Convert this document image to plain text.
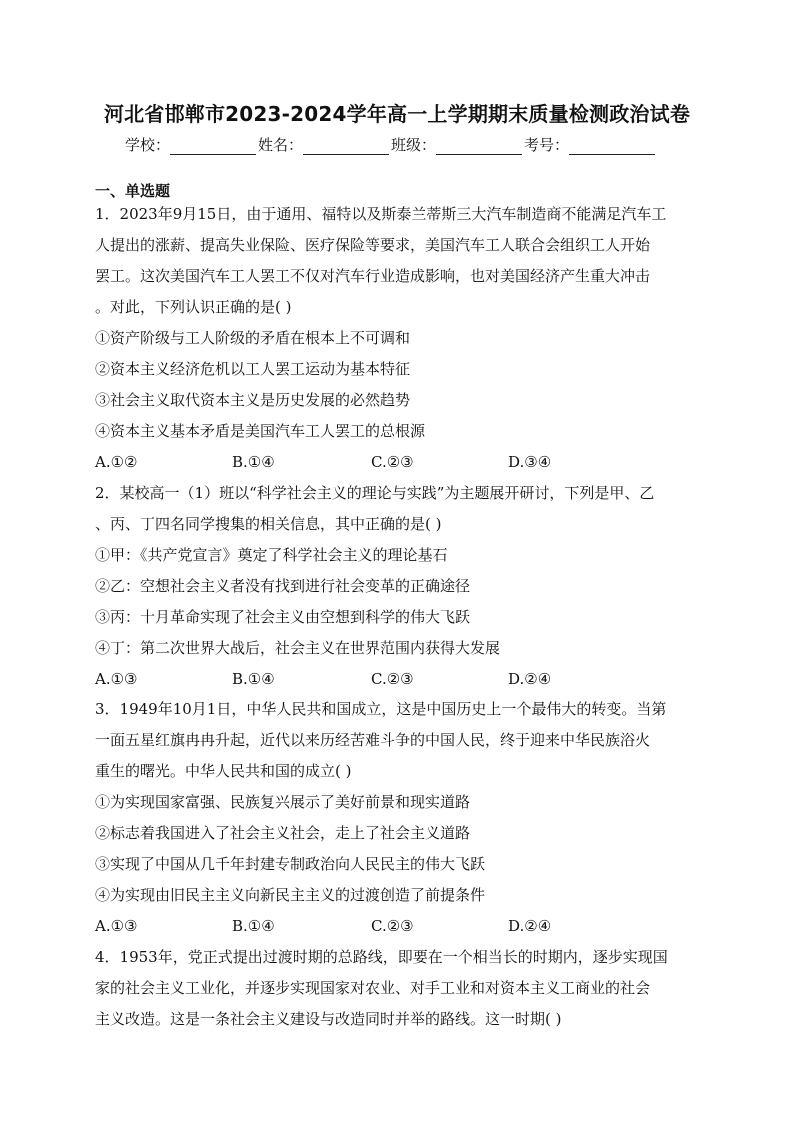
河北省邯郸市2023-2024学年高一上学期期末质量检测政治试卷
学校：	姓名：	班级：	考号：
一、单选题
1．2023年9月15日，由于通用、福特以及斯泰兰蒂斯三大汽车制造商不能满足汽车工
人提出的涨薪、提高失业保险、医疗保险等要求，美国汽车工人联合会组织工人开始
罢工。这次美国汽车工人罢工不仅对汽车行业造成影响，也对美国经济产生重大冲击
。对此，下列认识正确的是( )
①资产阶级与工人阶级的矛盾在根本上不可调和
②资本主义经济危机以工人罢工运动为基本特征
③社会主义取代资本主义是历史发展的必然趋势
④资本主义基本矛盾是美国汽车工人罢工的总根源
A.①②	B.①④	C.②③	D.③④
2．某校高一（1）班以“科学社会主义的理论与实践”为主题展开研讨，下列是甲、乙
、丙、丁四名同学搜集的相关信息，其中正确的是( )
①甲：《共产党宣言》奠定了科学社会主义的理论基石
②乙：空想社会主义者没有找到进行社会变革的正确途径
③丙：十月革命实现了社会主义由空想到科学的伟大飞跃
④丁：第二次世界大战后，社会主义在世界范围内获得大发展
A.①③	B.①④	C.②③	D.②④
3．1949年10月1日，中华人民共和国成立，这是中国历史上一个最伟大的转变。当第
一面五星红旗冉冉升起，近代以来历经苦难斗争的中国人民，终于迎来中华民族浴火
重生的曙光。中华人民共和国的成立( )
①为实现国家富强、民族复兴展示了美好前景和现实道路
②标志着我国进入了社会主义社会，走上了社会主义道路
③实现了中国从几千年封建专制政治向人民民主的伟大飞跃
④为实现由旧民主主义向新民主主义的过渡创造了前提条件
A.①③	B.①④	C.②③	D.②④
4．1953年，党正式提出过渡时期的总路线，即要在一个相当长的时期内，逐步实现国
家的社会主义工业化，并逐步实现国家对农业、对手工业和对资本主义工商业的社会
主义改造。这是一条社会主义建设与改造同时并举的路线。这一时期( )
